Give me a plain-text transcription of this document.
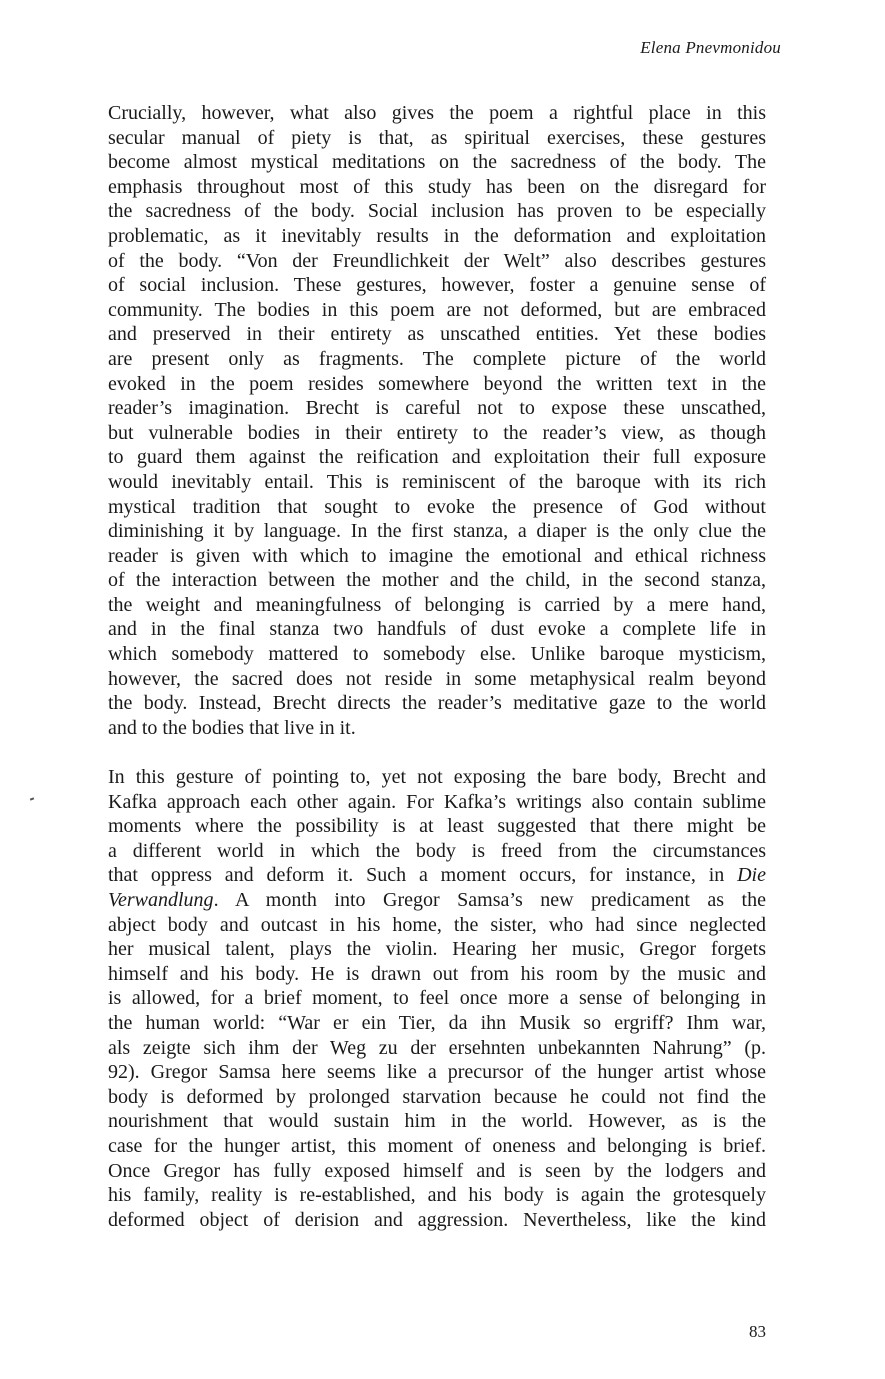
Elena Pnevmonidou
Crucially, however, what also gives the poem a rightful place in this
secular manual of piety is that, as spiritual exercises, these gestures
become almost mystical meditations on the sacredness of the body. The
emphasis throughout most of this study has been on the disregard for
the sacredness of the body. Social inclusion has proven to be especially
problematic, as it inevitably results in the deformation and exploitation
of the body. “Von der Freundlichkeit der Welt” also describes gestures
of social inclusion. These gestures, however, foster a genuine sense of
community. The bodies in this poem are not deformed, but are embraced
and preserved in their entirety as unscathed entities. Yet these bodies
are present only as fragments. The complete picture of the world
evoked in the poem resides somewhere beyond the written text in the
reader’s imagination. Brecht is careful not to expose these unscathed,
but vulnerable bodies in their entirety to the reader’s view, as though
to guard them against the reification and exploitation their full exposure
would inevitably entail. This is reminiscent of the baroque with its rich
mystical tradition that sought to evoke the presence of God without
diminishing it by language. In the first stanza, a diaper is the only clue the
reader is given with which to imagine the emotional and ethical richness
of the interaction between the mother and the child, in the second stanza,
the weight and meaningfulness of belonging is carried by a mere hand,
and in the final stanza two handfuls of dust evoke a complete life in
which somebody mattered to somebody else. Unlike baroque mysticism,
however, the sacred does not reside in some metaphysical realm beyond
the body. Instead, Brecht directs the reader’s meditative gaze to the world
and to the bodies that live in it.
In this gesture of pointing to, yet not exposing the bare body, Brecht and
Kafka approach each other again. For Kafka’s writings also contain sublime
moments where the possibility is at least suggested that there might be
a different world in which the body is freed from the circumstances
that oppress and deform it. Such a moment occurs, for instance, in Die
Verwandlung. A month into Gregor Samsa’s new predicament as the
abject body and outcast in his home, the sister, who had since neglected
her musical talent, plays the violin. Hearing her music, Gregor forgets
himself and his body. He is drawn out from his room by the music and
is allowed, for a brief moment, to feel once more a sense of belonging in
the human world: “War er ein Tier, da ihn Musik so ergriff? Ihm war,
als zeigte sich ihm der Weg zu der ersehnten unbekannten Nahrung” (p.
92). Gregor Samsa here seems like a precursor of the hunger artist whose
body is deformed by prolonged starvation because he could not find the
nourishment that would sustain him in the world. However, as is the
case for the hunger artist, this moment of oneness and belonging is brief.
Once Gregor has fully exposed himself and is seen by the lodgers and
his family, reality is re-established, and his body is again the grotesquely
deformed object of derision and aggression. Nevertheless, like the kind
83
